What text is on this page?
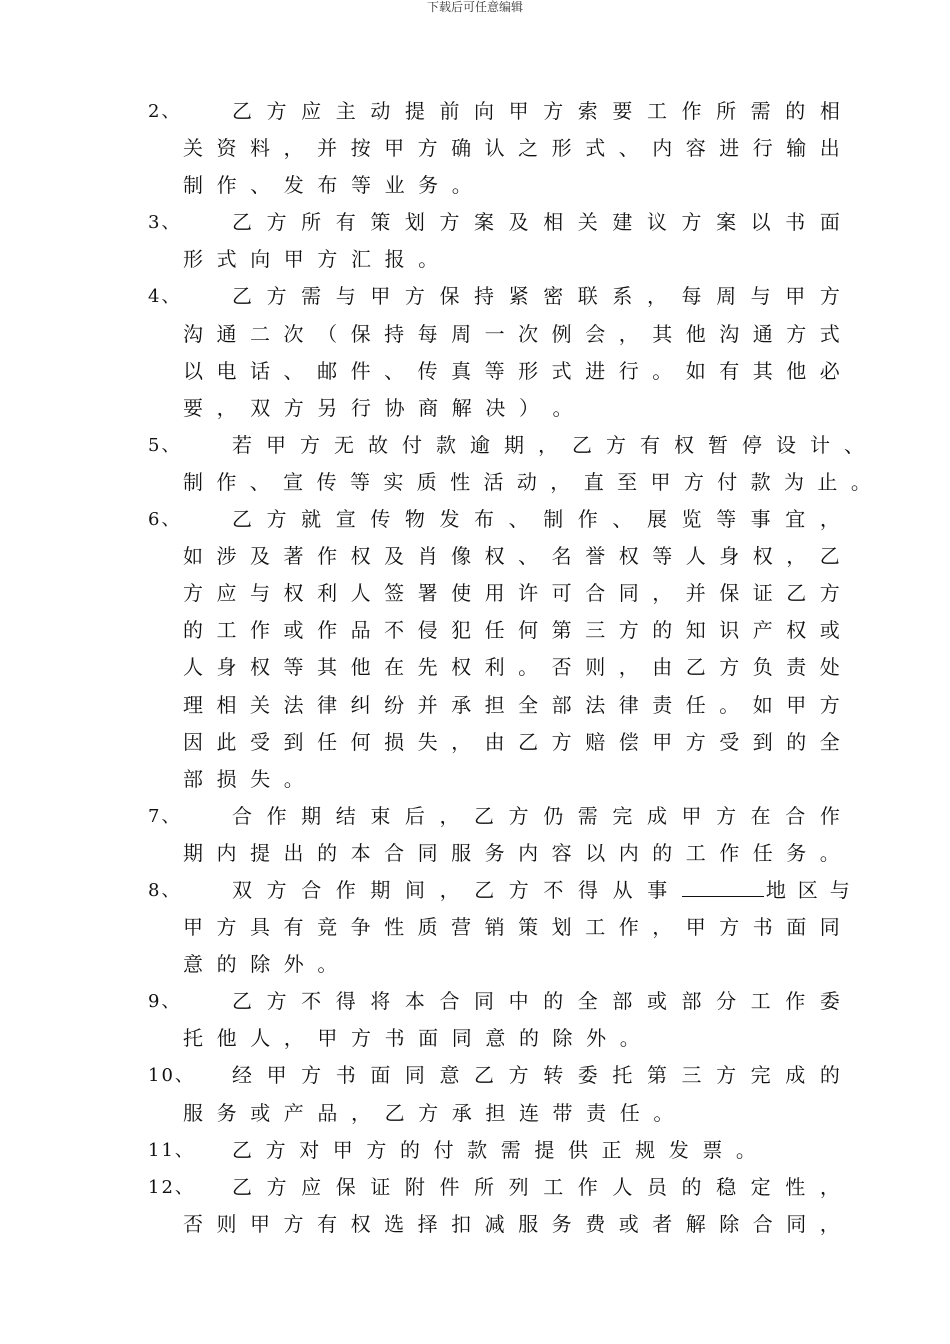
下载后可任意编辑
2、	乙 方 应 主 动 提 前 向 甲 方 索 要 工 作 所 需 的 相
关 资 料 ， 并 按 甲 方 确 认 之 形 式 、 内 容 进 行 输 出
制 作 、 发 布 等 业 务 。
3、	乙 方 所 有 策 划 方 案 及 相 关 建 议 方 案 以 书 面
形 式 向 甲 方 汇 报 。
4、	乙 方 需 与 甲 方 保 持 紧 密 联 系 ， 每 周 与 甲 方
沟 通 二 次 （ 保 持 每 周 一 次 例 会 ， 其 他 沟 通 方 式
以 电 话 、 邮 件 、 传 真 等 形 式 进 行 。 如 有 其 他 必
要 ， 双 方 另 行 协 商 解 决 ） 。
5、	若 甲 方 无 故 付 款 逾 期 ， 乙 方 有 权 暂 停 设 计 、
制 作 、 宣 传 等 实 质 性 活 动 ， 直 至 甲 方 付 款 为 止 。
6、	乙 方 就 宣 传 物 发 布 、 制 作 、 展 览 等 事 宜 ，
如 涉 及 著 作 权 及 肖 像 权 、 名 誉 权 等 人 身 权 ， 乙
方 应 与 权 利 人 签 署 使 用 许 可 合 同 ， 并 保 证 乙 方
的 工 作 或 作 品 不 侵 犯 任 何 第 三 方 的 知 识 产 权 或
人 身 权 等 其 他 在 先 权 利 。 否 则 ， 由 乙 方 负 责 处
理 相 关 法 律 纠 纷 并 承 担 全 部 法 律 责 任 。 如 甲 方
因 此 受 到 任 何 损 失 ， 由 乙 方 赔 偿 甲 方 受 到 的 全
部 损 失 。
7、	合 作 期 结 束 后 ， 乙 方 仍 需 完 成 甲 方 在 合 作
期 内 提 出 的 本 合 同 服 务 内 容 以 内 的 工 作 任 务 。
8、	双方合作期间，乙方不得从事	地区与
甲 方 具 有 竞 争 性 质 营 销 策 划 工 作 ， 甲 方 书 面 同
意 的 除 外 。
9、	乙 方 不 得 将 本 合 同 中 的 全 部 或 部 分 工 作 委
托 他 人 ， 甲 方 书 面 同 意 的 除 外 。
10、 经 甲 方 书 面 同 意 乙 方 转 委 托 第 三 方 完 成 的
服 务 或 产 品 ， 乙 方 承 担 连 带 责 任 。
11、 乙 方 对 甲 方 的 付 款 需 提 供 正 规 发 票 。
12、 乙 方 应 保 证 附 件 所 列 工 作 人 员 的 稳 定 性 ，
否 则 甲 方 有 权 选 择 扣 减 服 务 费 或 者 解 除 合 同 ，
